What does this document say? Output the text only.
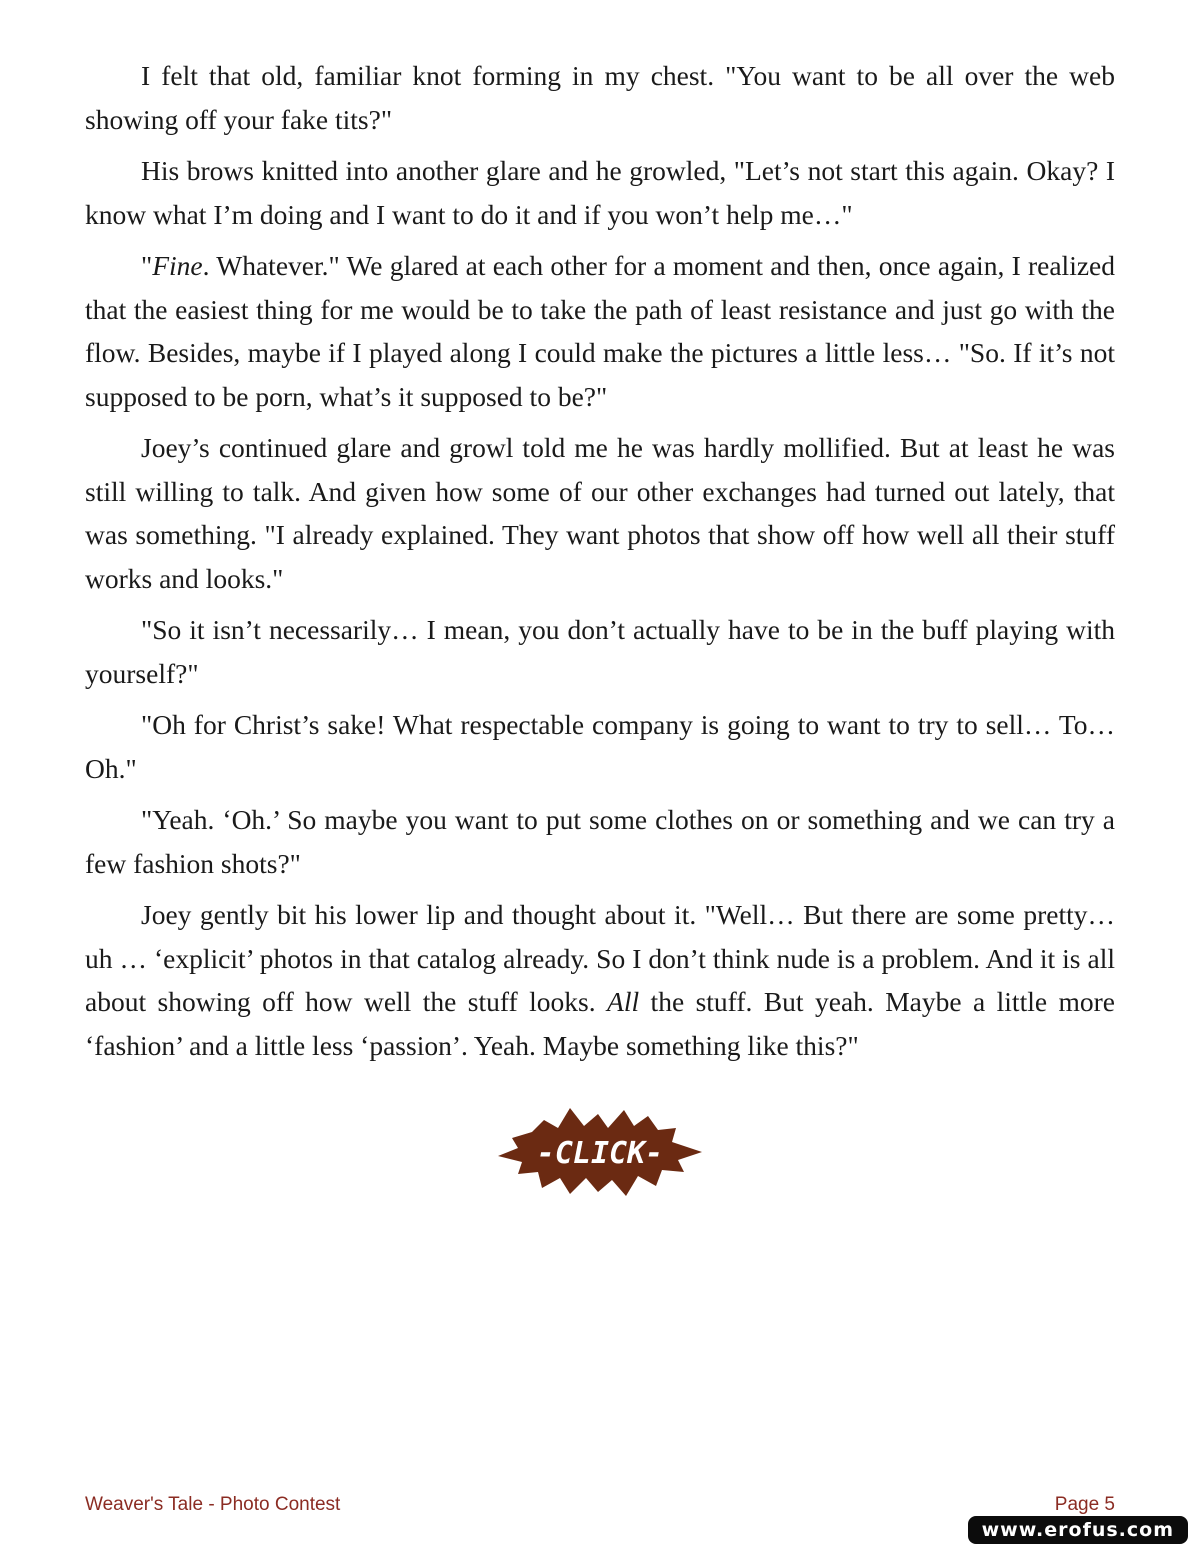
I felt that old, familiar knot forming in my chest. "You want to be all over the web showing off your fake tits?"

His brows knitted into another glare and he growled, "Let’s not start this again. Okay? I know what I’m doing and I want to do it and if you won’t help me…"

"Fine. Whatever." We glared at each other for a moment and then, once again, I realized that the easiest thing for me would be to take the path of least resistance and just go with the flow. Besides, maybe if I played along I could make the pictures a little less… "So. If it’s not supposed to be porn, what’s it supposed to be?"

Joey’s continued glare and growl told me he was hardly mollified. But at least he was still willing to talk. And given how some of our other exchanges had turned out lately, that was something. "I already explained. They want photos that show off how well all their stuff works and looks."

"So it isn’t necessarily… I mean, you don’t actually have to be in the buff playing with yourself?"

"Oh for Christ’s sake! What respectable company is going to want to try to sell… To… Oh."

"Yeah. ‘Oh.’ So maybe you want to put some clothes on or something and we can try a few fashion shots?"

Joey gently bit his lower lip and thought about it. "Well… But there are some pretty… uh … ‘explicit’ photos in that catalog already. So I don’t think nude is a problem. And it is all about showing off how well the stuff looks. All the stuff. But yeah. Maybe a little more ‘fashion’ and a little less ‘passion’. Yeah. Maybe something like this?"

-CLICK-
Weaver's Tale - Photo Contest	Page 5
www.erofus.com
